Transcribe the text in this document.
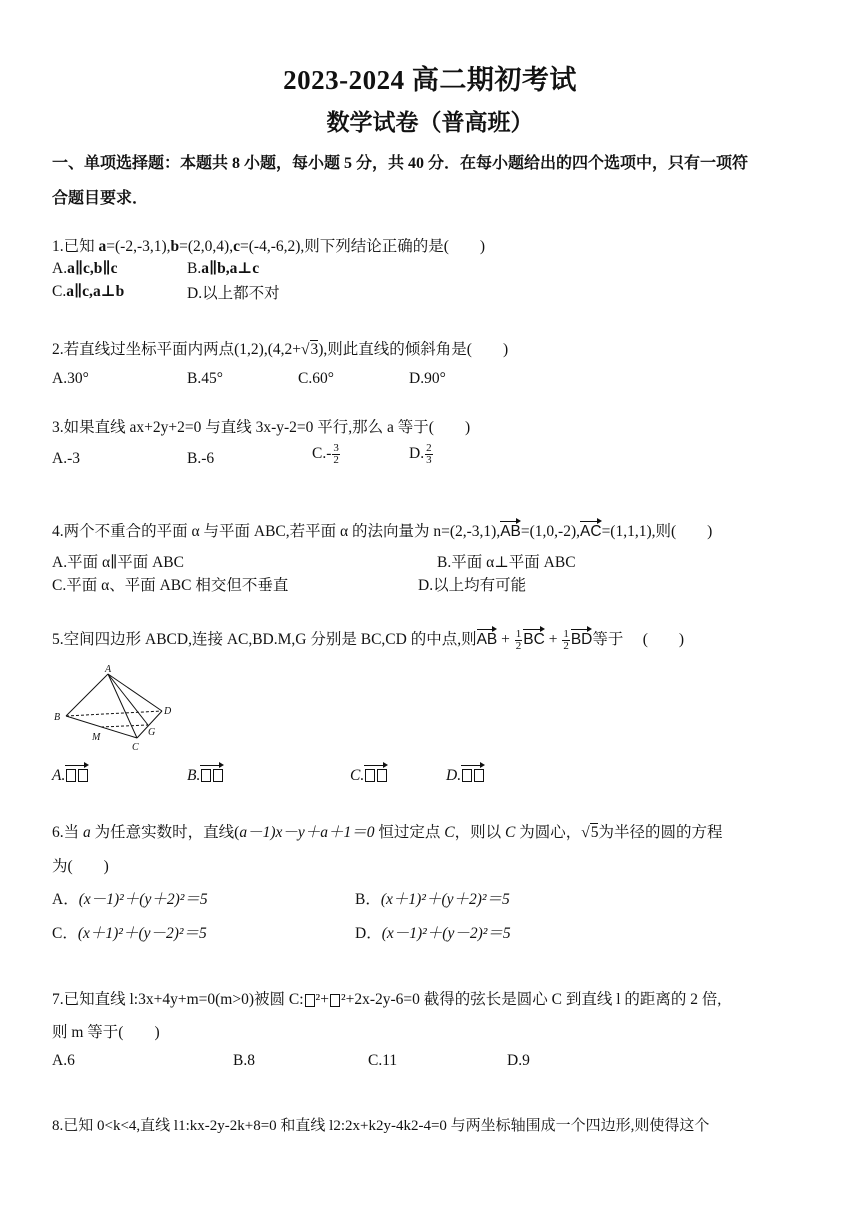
2023-2024 高二期初考试
数学试卷（普高班）
一、单项选择题：本题共 8 小题，每小题 5 分，共 40 分．在每小题给出的四个选项中，只有一项符
合题目要求．
1.已知 a=(-2,-3,1),b=(2,0,4),c=(-4,-6,2),则下列结论正确的是(　　)
A.a∥c,b∥c	B.a∥b,a⊥c
C.a∥c,a⊥b	D.以上都不对
2.若直线过坐标平面内两点(1,2),(4,2+√3),则此直线的倾斜角是(　　)
A.30°	B.45°	C.60°	D.90°
3.如果直线 ax+2y+2=0 与直线 3x-y-2=0 平行,那么 a 等于(　　)
A.-3	B.-6	$C.- \frac{3}{2}$	D. $\frac{2}{3}$
4.两个不重合的平面 α 与平面 ABC,若平面 α 的法向量为 n=(2,-3,1),AB=(1,0,-2),AC=(1,1,1),则(　　)
A.平面 α∥平面 ABC	B.平面 α⊥平面 ABC
C.平面 α、平面 ABC 相交但不垂直	D.以上均有可能
5.空间四边形 ABCD,连接 AC,BD.M,G 分别是 BC,CD 的中点,则AB + $\frac{1}{2}$ BC + $\frac{1}{2}$ BD等于　 (　　)
A
B
D
M	G
C
A.	B.	C.	D.
6.当 a 为任意实数时，直线(a－1)x－y＋a＋1＝0 恒过定点 C，则以 C 为圆心，√5为半径的圆的方程
为(　　)
A．(x－1)²＋(y＋2)²＝5	B．(x＋1)²＋(y＋2)²＝5
C．(x＋1)²＋(y－2)²＝5	D．(x－1)²＋(y－2)²＝5
7.已知直线 l:3x+4y+m=0(m>0)被圆 C: ²+ ²+2x-2y-6=0 截得的弦长是圆心 C 到直线 l 的距离的 2 倍,
则 m 等于(　　)
A.6	B.8	C.11	D.9
8.已知 0<k<4,直线 l1:kx-2y-2k+8=0 和直线 l2:2x+k2y-4k2-4=0 与两坐标轴围成一个四边形,则使得这个
